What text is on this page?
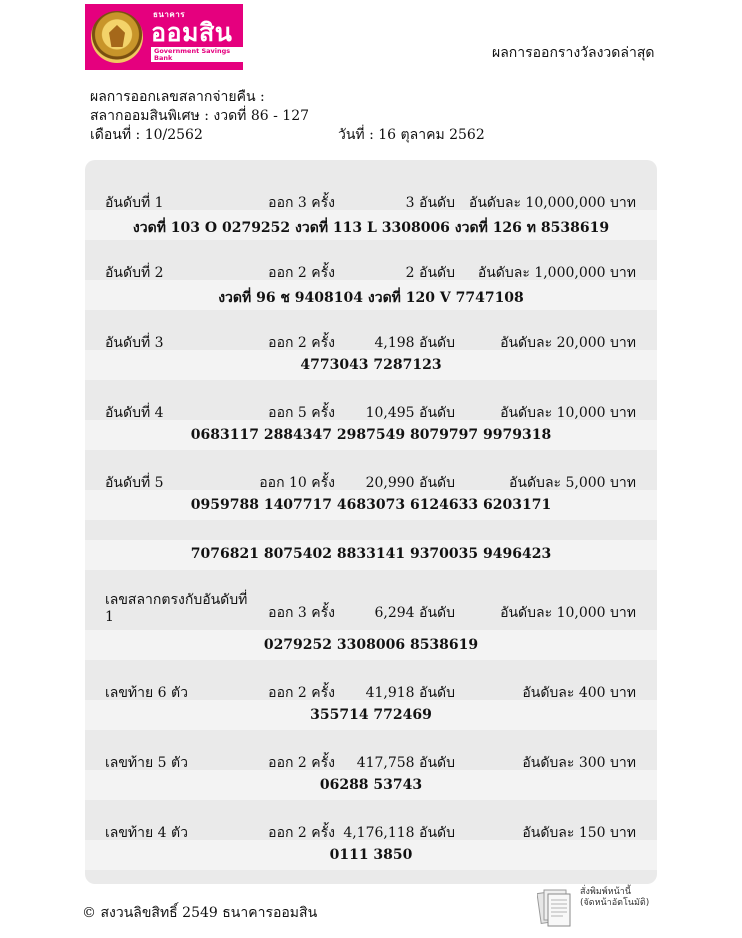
ธนาคาร
ออมสิน
Government Savings Bank	ผลการออกรางวัลงวดล่าสุด
ผลการออกเลขสลากจ่ายคืน :
สลากออมสินพิเศษ : งวดที่ 86 - 127
เดือนที่ : 10/2562	วันที่ : 16 ตุลาคม 2562
อันดับที่ 1	ออก 3 ครั้ง	3 อันดับ อันดับละ 10,000,000 บาท
งวดที่ 103 O 0279252 งวดที่ 113 L 3308006 งวดที่ 126 ท 8538619
อันดับที่ 2	ออก 2 ครั้ง	2 อันดับ อันดับละ 1,000,000 บาท
งวดที่ 96 ช 9408104 งวดที่ 120 V 7747108
อันดับที่ 3	ออก 2 ครั้ง	4,198 อันดับ	อันดับละ 20,000 บาท
4773043 7287123
อันดับที่ 4	ออก 5 ครั้ง 10,495 อันดับ	อันดับละ 10,000 บาท
0683117 2884347 2987549 8079797 9979318
อันดับที่ 5	ออก 10 ครั้ง 20,990 อันดับ	อันดับละ 5,000 บาท
0959788 1407717 4683073 6124633 6203171
7076821 8075402 8833141 9370035 9496423
เลขสลากตรงกับอันดับที่ 1	ออก 3 ครั้ง	6,294 อันดับ	อันดับละ 10,000 บาท
0279252 3308006 8538619
เลขท้าย 6 ตัว	ออก 2 ครั้ง 41,918 อันดับ	อันดับละ 400 บาท
355714 772469
เลขท้าย 5 ตัว	ออก 2 ครั้ง 417,758 อันดับ	อันดับละ 300 บาท
06288 53743
เลขท้าย 4 ตัว	ออก 2 ครั้ง 4,176,118 อันดับ	อันดับละ 150 บาท
0111 3850
© สงวนลิขสิทธิ์ 2549 ธนาคารออมสิน
สั่งพิมพ์หน้านี้
(จัดหน้าอัตโนมัติ)
